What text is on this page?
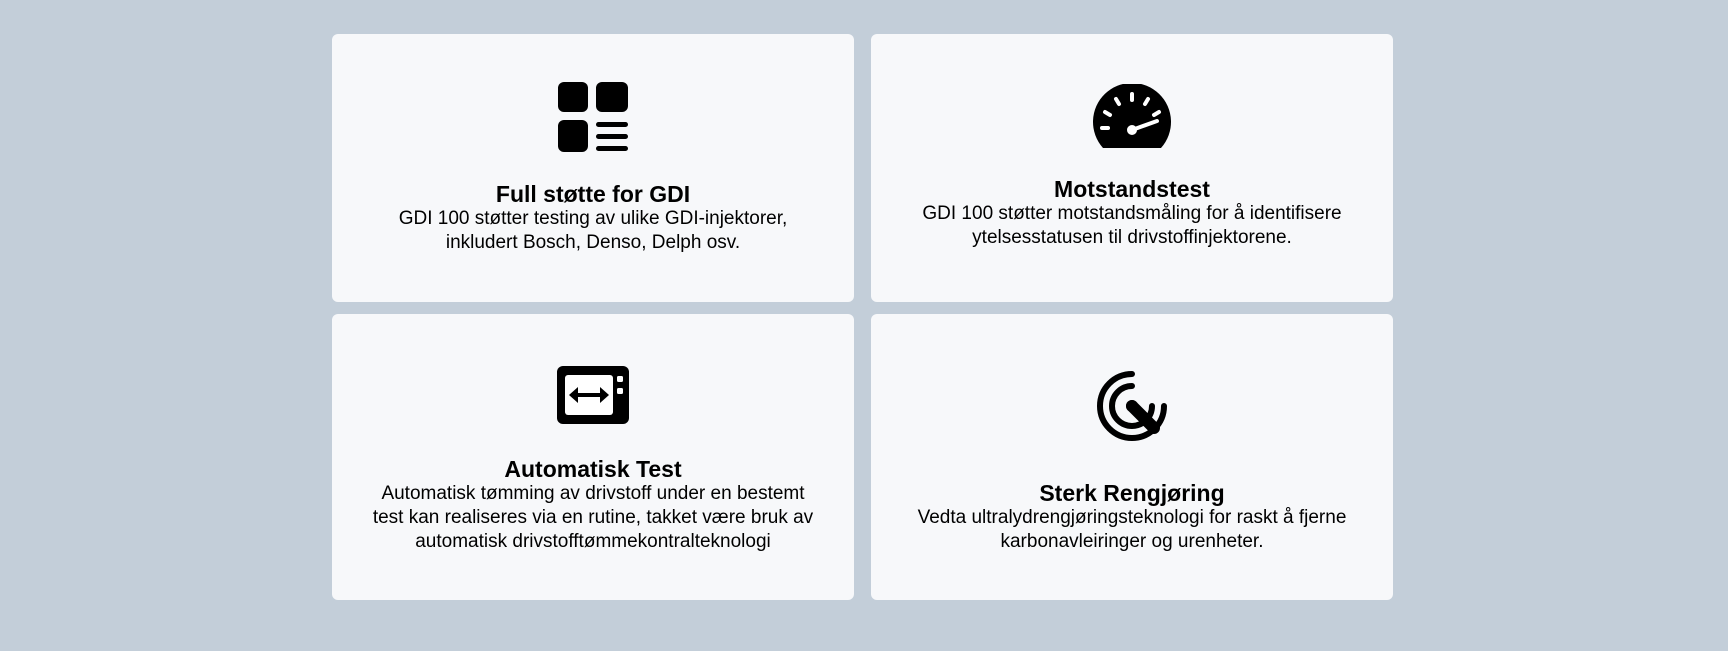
Full støtte for GDI

GDI 100 støtter testing av ulike GDI-injektorer, inkludert Bosch, Denso, Delph osv.

Motstandstest

GDI 100 støtter motstandsmåling for å identifisere ytelsesstatusen til drivstoffinjektorene.

Automatisk Test

Automatisk tømming av drivstoff under en bestemt test kan realiseres via en rutine, takket være bruk av automatisk drivstofftømmekontralteknologi

Sterk Rengjøring

Vedta ultralydrengjøringsteknologi for raskt å fjerne karbonavleiringer og urenheter.
